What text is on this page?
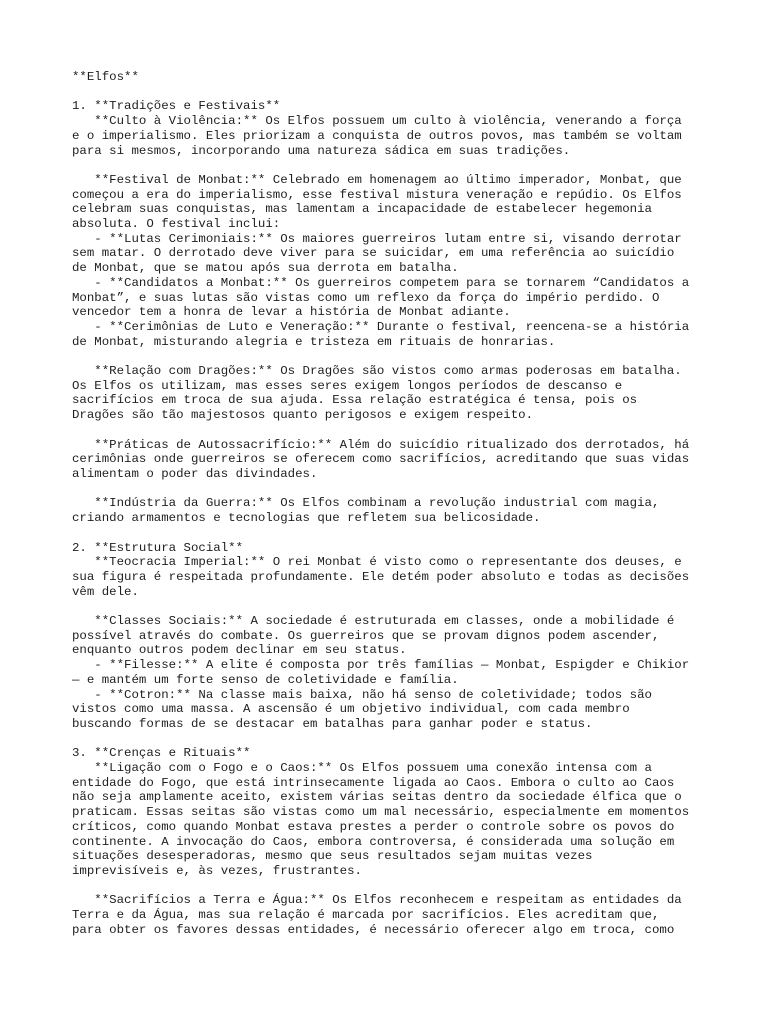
**Elfos**

1. **Tradições e Festivais**
**Culto à Violência:** Os Elfos possuem um culto à violência, venerando a força
e o imperialismo. Eles priorizam a conquista de outros povos, mas também se voltam
para si mesmos, incorporando uma natureza sádica em suas tradições.

**Festival de Monbat:** Celebrado em homenagem ao último imperador, Monbat, que
começou a era do imperialismo, esse festival mistura veneração e repúdio. Os Elfos
celebram suas conquistas, mas lamentam a incapacidade de estabelecer hegemonia
absoluta. O festival inclui:
- **Lutas Cerimoniais:** Os maiores guerreiros lutam entre si, visando derrotar
sem matar. O derrotado deve viver para se suicidar, em uma referência ao suicídio
de Monbat, que se matou após sua derrota em batalha.
- **Candidatos a Monbat:** Os guerreiros competem para se tornarem “Candidatos a
Monbat”, e suas lutas são vistas como um reflexo da força do império perdido. O
vencedor tem a honra de levar a história de Monbat adiante.
- **Cerimônias de Luto e Veneração:** Durante o festival, reencena-se a história
de Monbat, misturando alegria e tristeza em rituais de honrarias.

**Relação com Dragões:** Os Dragões são vistos como armas poderosas em batalha.
Os Elfos os utilizam, mas esses seres exigem longos períodos de descanso e
sacrifícios em troca de sua ajuda. Essa relação estratégica é tensa, pois os
Dragões são tão majestosos quanto perigosos e exigem respeito.

**Práticas de Autossacrifício:** Além do suicídio ritualizado dos derrotados, há
cerimônias onde guerreiros se oferecem como sacrifícios, acreditando que suas vidas
alimentam o poder das divindades.

**Indústria da Guerra:** Os Elfos combinam a revolução industrial com magia,
criando armamentos e tecnologias que refletem sua belicosidade.

2. **Estrutura Social**
**Teocracia Imperial:** O rei Monbat é visto como o representante dos deuses, e
sua figura é respeitada profundamente. Ele detém poder absoluto e todas as decisões
vêm dele.

**Classes Sociais:** A sociedade é estruturada em classes, onde a mobilidade é
possível através do combate. Os guerreiros que se provam dignos podem ascender,
enquanto outros podem declinar em seu status.
- **Filesse:** A elite é composta por três famílias — Monbat, Espigder e Chikior
— e mantém um forte senso de coletividade e família.
- **Cotron:** Na classe mais baixa, não há senso de coletividade; todos são
vistos como uma massa. A ascensão é um objetivo individual, com cada membro
buscando formas de se destacar em batalhas para ganhar poder e status.

3. **Crenças e Rituais**
**Ligação com o Fogo e o Caos:** Os Elfos possuem uma conexão intensa com a
entidade do Fogo, que está intrinsecamente ligada ao Caos. Embora o culto ao Caos
não seja amplamente aceito, existem várias seitas dentro da sociedade élfica que o
praticam. Essas seitas são vistas como um mal necessário, especialmente em momentos
críticos, como quando Monbat estava prestes a perder o controle sobre os povos do
continente. A invocação do Caos, embora controversa, é considerada uma solução em
situações desesperadoras, mesmo que seus resultados sejam muitas vezes
imprevisíveis e, às vezes, frustrantes.

**Sacrifícios a Terra e Água:** Os Elfos reconhecem e respeitam as entidades da
Terra e da Água, mas sua relação é marcada por sacrifícios. Eles acreditam que,
para obter os favores dessas entidades, é necessário oferecer algo em troca, como
